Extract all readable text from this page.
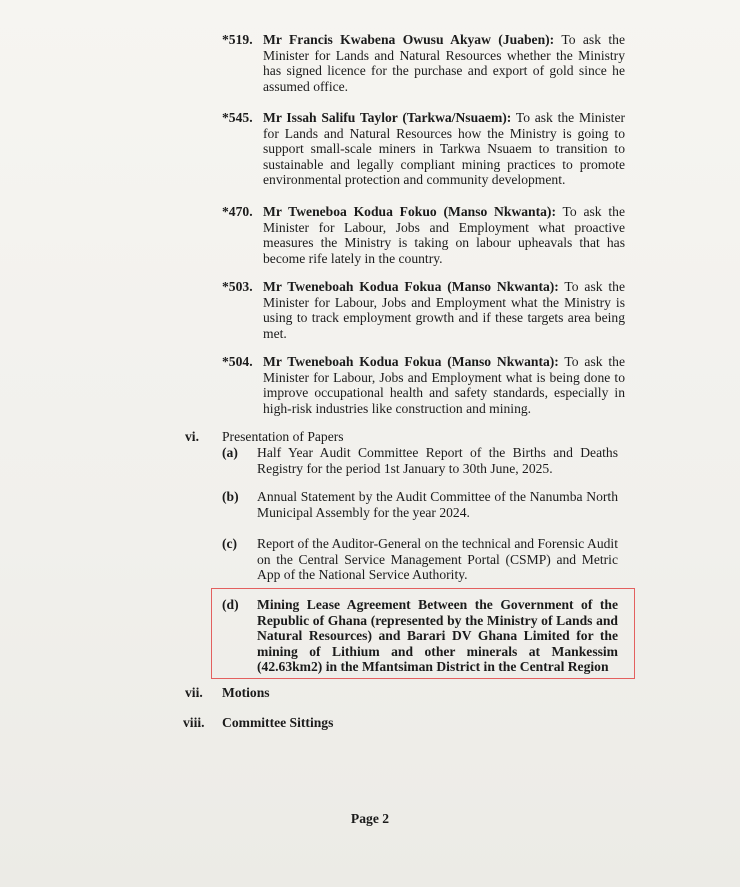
*519. Mr Francis Kwabena Owusu Akyaw (Juaben): To ask the Minister for Lands and Natural Resources whether the Ministry has signed licence for the purchase and export of gold since he assumed office.
*545. Mr Issah Salifu Taylor (Tarkwa/Nsuaem): To ask the Minister for Lands and Natural Resources how the Ministry is going to support small-scale miners in Tarkwa Nsuaem to transition to sustainable and legally compliant mining practices to promote environmental protection and community development.
*470. Mr Tweneboa Kodua Fokuo (Manso Nkwanta): To ask the Minister for Labour, Jobs and Employment what proactive measures the Ministry is taking on labour upheavals that has become rife lately in the country.
*503. Mr Tweneboah Kodua Fokua (Manso Nkwanta): To ask the Minister for Labour, Jobs and Employment what the Ministry is using to track employment growth and if these targets area being met.
*504. Mr Tweneboah Kodua Fokua (Manso Nkwanta): To ask the Minister for Labour, Jobs and Employment what is being done to improve occupational health and safety standards, especially in high-risk industries like construction and mining.
vi. Presentation of Papers
(a) Half Year Audit Committee Report of the Births and Deaths Registry for the period 1st January to 30th June, 2025.
(b) Annual Statement by the Audit Committee of the Nanumba North Municipal Assembly for the year 2024.
(c) Report of the Auditor-General on the technical and Forensic Audit on the Central Service Management Portal (CSMP) and Metric App of the National Service Authority.
(d) Mining Lease Agreement Between the Government of the Republic of Ghana (represented by the Ministry of Lands and Natural Resources) and Barari DV Ghana Limited for the mining of Lithium and other minerals at Mankessim (42.63km2) in the Mfantsiman District in the Central Region
vii. Motions
viii. Committee Sittings
Page 2
